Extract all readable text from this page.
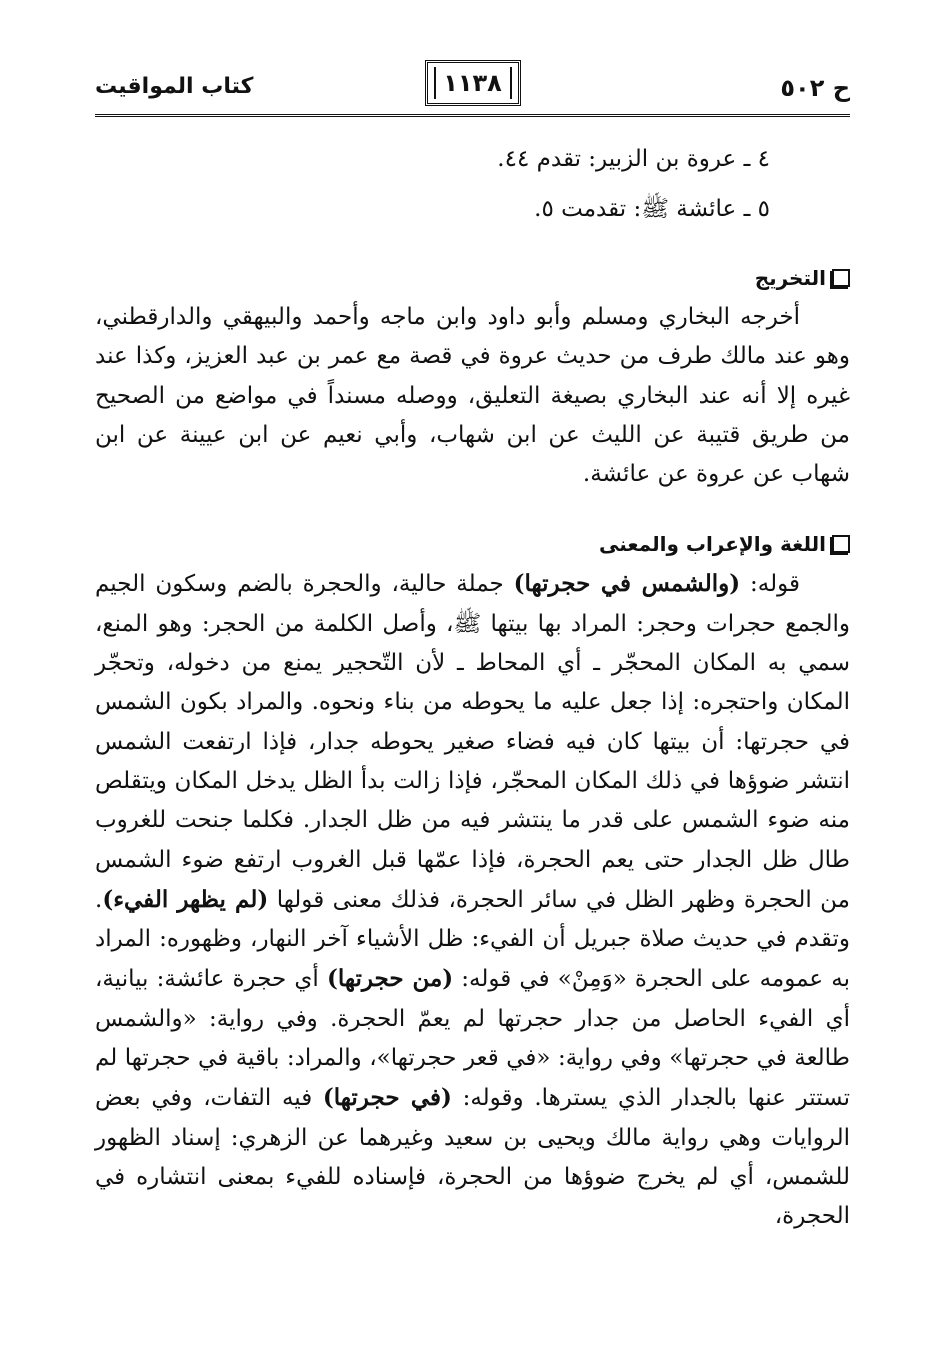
ح ٥٠٢
١١٣٨
كتاب المواقيت
٤ ـ عروة بن الزبير: تقدم ٤٤.
٥ ـ عائشة ﷺ: تقدمت ٥.
التخريج

أخرجه البخاري ومسلم وأبو داود وابن ماجه وأحمد والبيهقي والدارقطني، وهو عند مالك طرف من حديث عروة في قصة مع عمر بن عبد العزيز، وكذا عند غيره إلا أنه عند البخاري بصيغة التعليق، ووصله مسنداً في مواضع من الصحيح من طريق قتيبة عن الليث عن ابن شهاب، وأبي نعيم عن ابن عيينة عن ابن شهاب عن عروة عن عائشة.

اللغة والإعراب والمعنى

قوله: (والشمس في حجرتها) جملة حالية، والحجرة بالضم وسكون الجيم والجمع حجرات وحجر: المراد بها بيتها ﷺ، وأصل الكلمة من الحجر: وهو المنع، سمي به المكان المحجّر ـ أي المحاط ـ لأن التّحجير يمنع من دخوله، وتحجّر المكان واحتجره: إذا جعل عليه ما يحوطه من بناء ونحوه. والمراد بكون الشمس في حجرتها: أن بيتها كان فيه فضاء صغير يحوطه جدار، فإذا ارتفعت الشمس انتشر ضوؤها في ذلك المكان المحجّر، فإذا زالت بدأ الظل يدخل المكان ويتقلص منه ضوء الشمس على قدر ما ينتشر فيه من ظل الجدار. فكلما جنحت للغروب طال ظل الجدار حتى يعم الحجرة، فإذا عمّها قبل الغروب ارتفع ضوء الشمس من الحجرة وظهر الظل في سائر الحجرة، فذلك معنى قولها (لم يظهر الفيء). وتقدم في حديث صلاة جبريل أن الفيء: ظل الأشياء آخر النهار، وظهوره: المراد به عمومه على الحجرة «وَمِنْ» في قوله: (من حجرتها) أي حجرة عائشة: بيانية، أي الفيء الحاصل من جدار حجرتها لم يعمّ الحجرة. وفي رواية: «والشمس طالعة في حجرتها» وفي رواية: «في قعر حجرتها»، والمراد: باقية في حجرتها لم تستتر عنها بالجدار الذي يسترها. وقوله: (في حجرتها) فيه التفات، وفي بعض الروايات وهي رواية مالك ويحيى بن سعيد وغيرهما عن الزهري: إسناد الظهور للشمس، أي لم يخرج ضوؤها من الحجرة، فإسناده للفيء بمعنى انتشاره في الحجرة،
